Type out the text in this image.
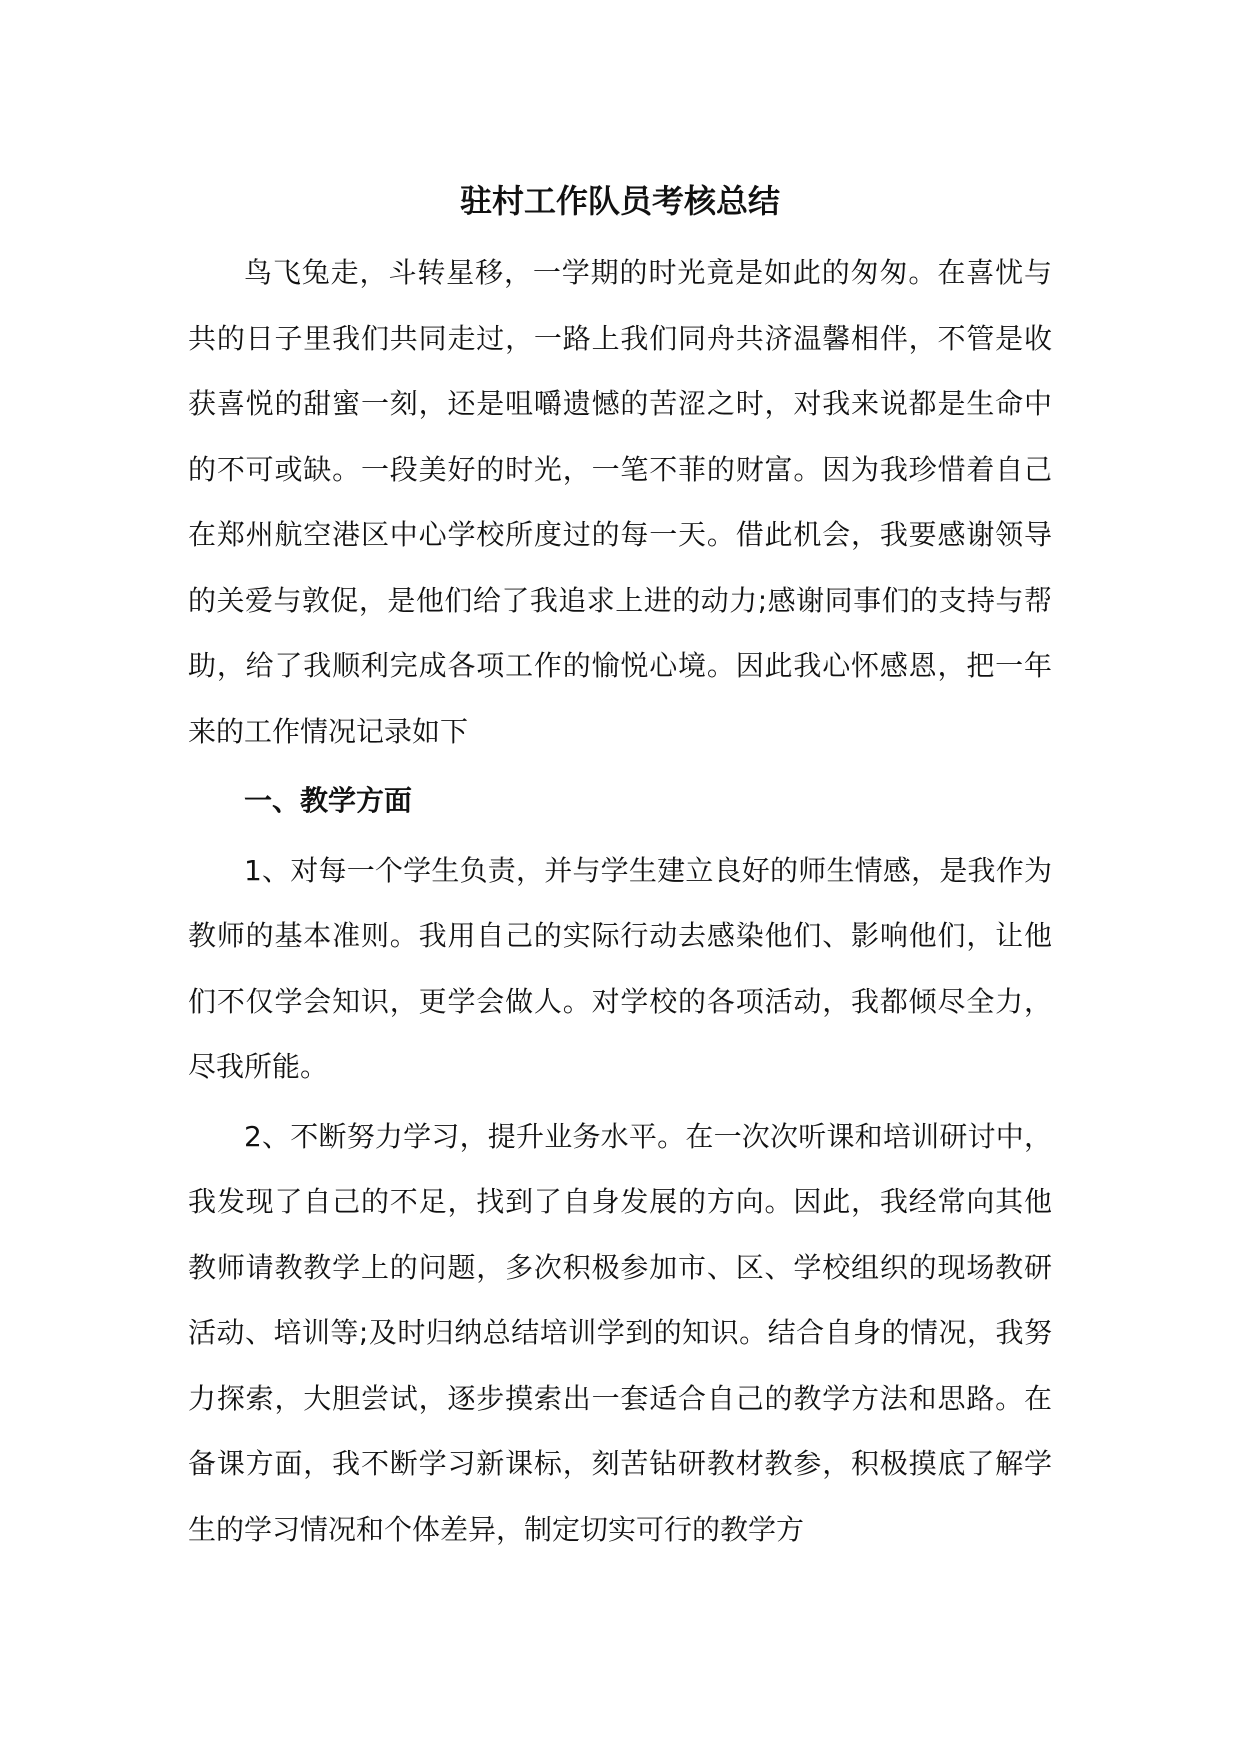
驻村工作队员考核总结

鸟飞兔走，斗转星移，一学期的时光竟是如此的匆匆。在喜忧与共的日子里我们共同走过，一路上我们同舟共济温馨相伴，不管是收获喜悦的甜蜜一刻，还是咀嚼遗憾的苦涩之时，对我来说都是生命中的不可或缺。一段美好的时光，一笔不菲的财富。因为我珍惜着自己在郑州航空港区中心学校所度过的每一天。借此机会，我要感谢领导的关爱与敦促，是他们给了我追求上进的动力;感谢同事们的支持与帮助，给了我顺利完成各项工作的愉悦心境。因此我心怀感恩，把一年来的工作情况记录如下

一、教学方面

1、对每一个学生负责，并与学生建立良好的师生情感，是我作为教师的基本准则。我用自己的实际行动去感染他们、影响他们，让他们不仅学会知识，更学会做人。对学校的各项活动，我都倾尽全力，尽我所能。

2、不断努力学习，提升业务水平。在一次次听课和培训研讨中，我发现了自己的不足，找到了自身发展的方向。因此，我经常向其他教师请教教学上的问题，多次积极参加市、区、学校组织的现场教研活动、培训等;及时归纳总结培训学到的知识。结合自身的情况，我努力探索，大胆尝试，逐步摸索出一套适合自己的教学方法和思路。在备课方面，我不断学习新课标，刻苦钻研教材教参，积极摸底了解学生的学习情况和个体差异，制定切实可行的教学方
